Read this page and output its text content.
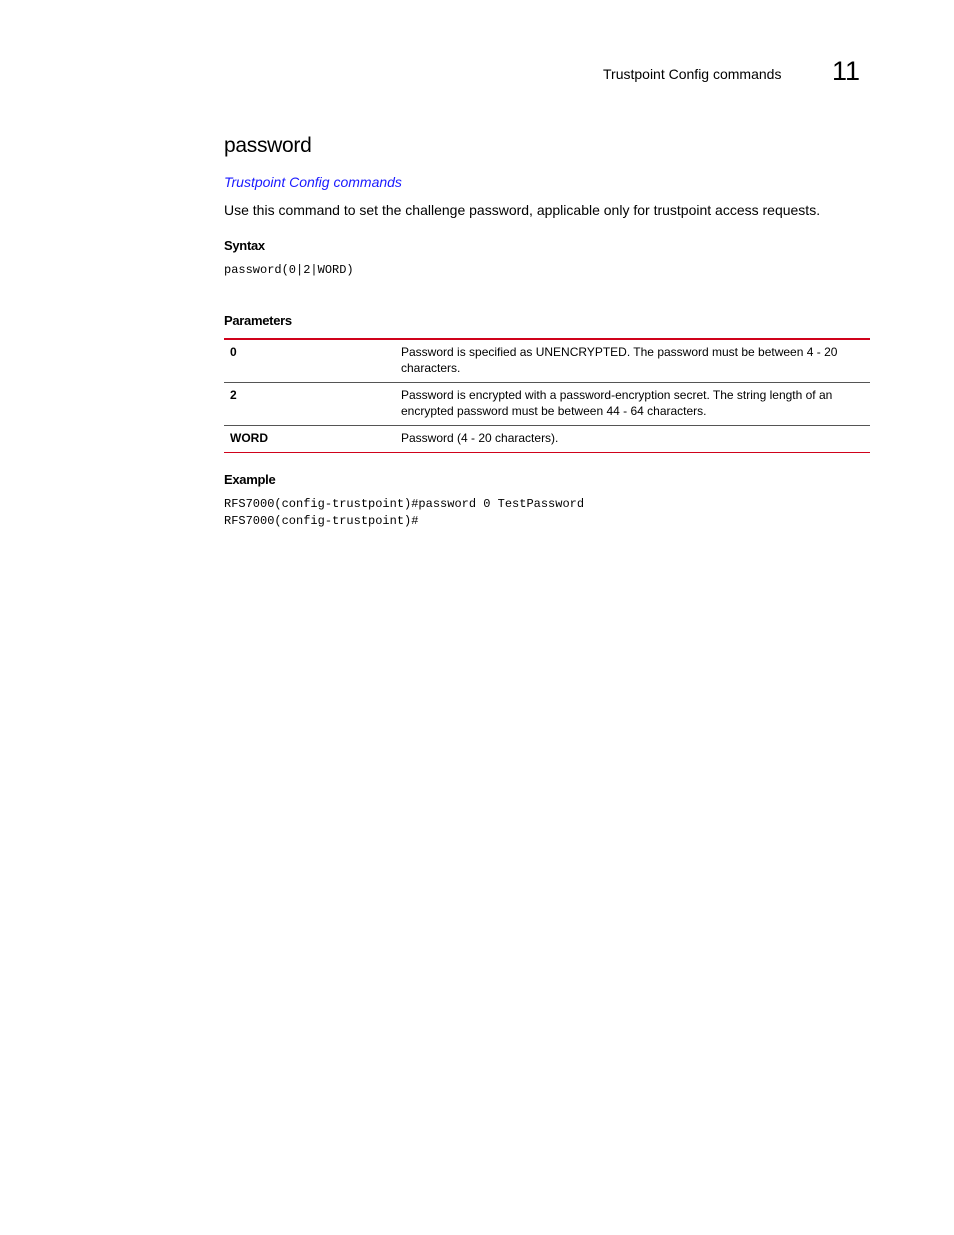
Trustpoint Config commands 11
password
Trustpoint Config commands
Use this command to set the challenge password, applicable only for trustpoint access requests.
Syntax
password(0|2|WORD)
Parameters
0	Password is specified as UNENCRYPTED. The password must be between 4 - 20 characters.
2	Password is encrypted with a password-encryption secret. The string length of an encrypted password must be between 44 - 64 characters.
WORD	Password (4 - 20 characters).
Example
RFS7000(config-trustpoint)#password 0 TestPassword
RFS7000(config-trustpoint)#
